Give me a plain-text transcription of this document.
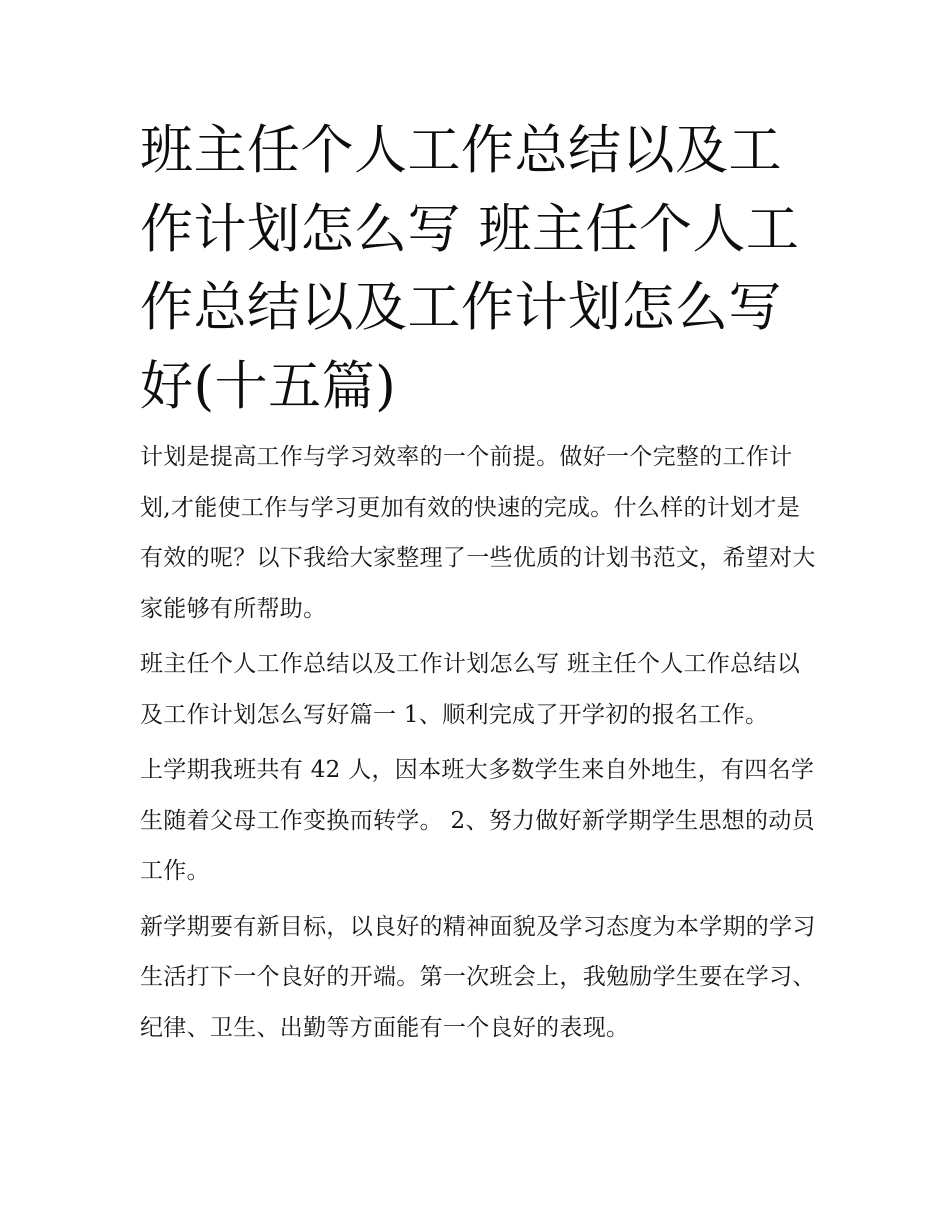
班主任个人工作总结以及工作计划怎么写 班主任个人工作总结以及工作计划怎么写好(十五篇)

计划是提高工作与学习效率的一个前提。做好一个完整的工作计划,才能使工作与学习更加有效的快速的完成。什么样的计划才是有效的呢？以下我给大家整理了一些优质的计划书范文，希望对大家能够有所帮助。

班主任个人工作总结以及工作计划怎么写 班主任个人工作总结以及工作计划怎么写好篇一 1、顺利完成了开学初的报名工作。

上学期我班共有 42 人，因本班大多数学生来自外地生，有四名学生随着父母工作变换而转学。 2、努力做好新学期学生思想的动员工作。

新学期要有新目标，以良好的精神面貌及学习态度为本学期的学习生活打下一个良好的开端。第一次班会上，我勉励学生要在学习、纪律、卫生、出勤等方面能有一个良好的表现。
